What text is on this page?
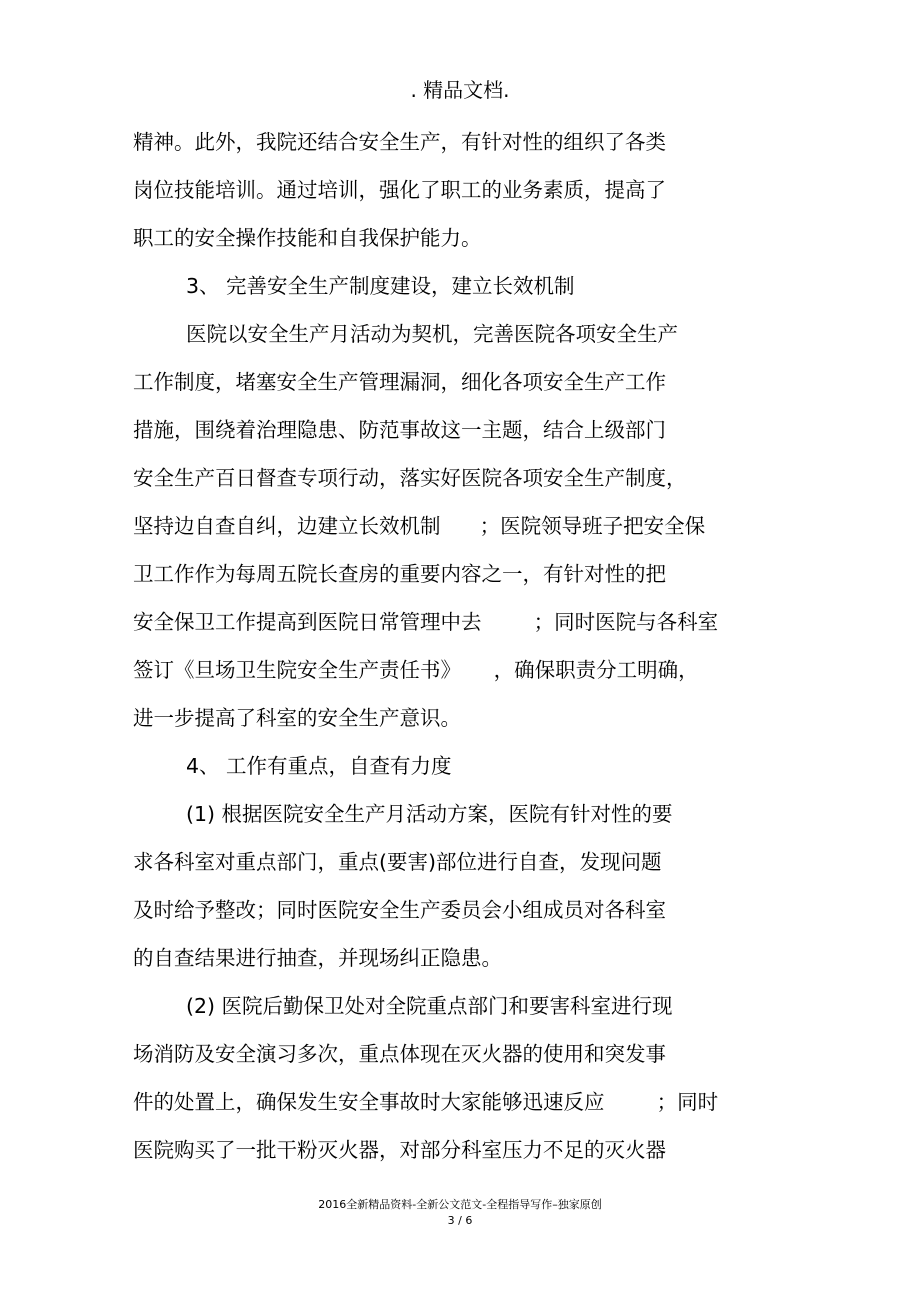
. 精品文档.
精神。此外，我院还结合安全生产，有针对性的组织了各类
岗位技能培训。通过培训，强化了职工的业务素质，提高了
职工的安全操作技能和自我保护能力。
3、 完善安全生产制度建设，建立长效机制
医院以安全生产月活动为契机，完善医院各项安全生产
工作制度，堵塞安全生产管理漏洞，细化各项安全生产工作
措施，围绕着治理隐患、防范事故这一主题，结合上级部门
安全生产百日督查专项行动，落实好医院各项安全生产制度，
坚持边自查自纠，边建立长效机制      ；医院领导班子把安全保
卫工作作为每周五院长查房的重要内容之一，有针对性的把
安全保卫工作提高到医院日常管理中去        ；同时医院与各科室
签订《旦场卫生院安全生产责任书》     ，确保职责分工明确，
进一步提高了科室的安全生产意识。
4、 工作有重点，自查有力度
(1) 根据医院安全生产月活动方案，医院有针对性的要
求各科室对重点部门，重点(要害)部位进行自查，发现问题
及时给予整改；同时医院安全生产委员会小组成员对各科室
的自查结果进行抽查，并现场纠正隐患。
(2) 医院后勤保卫处对全院重点部门和要害科室进行现
场消防及安全演习多次，重点体现在灭火器的使用和突发事
件的处置上，确保发生安全事故时大家能够迅速反应        ；同时
医院购买了一批干粉灭火器，对部分科室压力不足的灭火器
2016全新精品资料-全新公文范文-全程指导写作–独家原创
3 / 6
